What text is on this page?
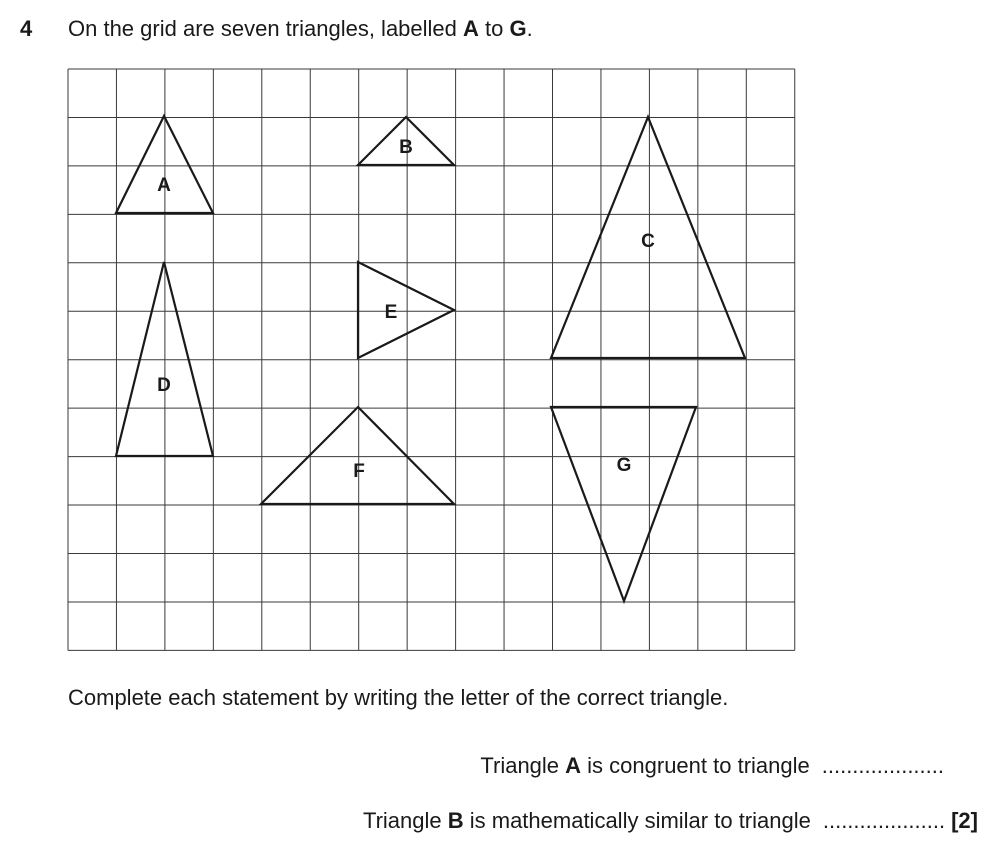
4 On the grid are seven triangles, labelled A to G.
A
B
C
D
E
F	G
Complete each statement by writing the letter of the correct triangle.
Triangle A is congruent to triangle ....................
Triangle B is mathematically similar to triangle .................... [2]
